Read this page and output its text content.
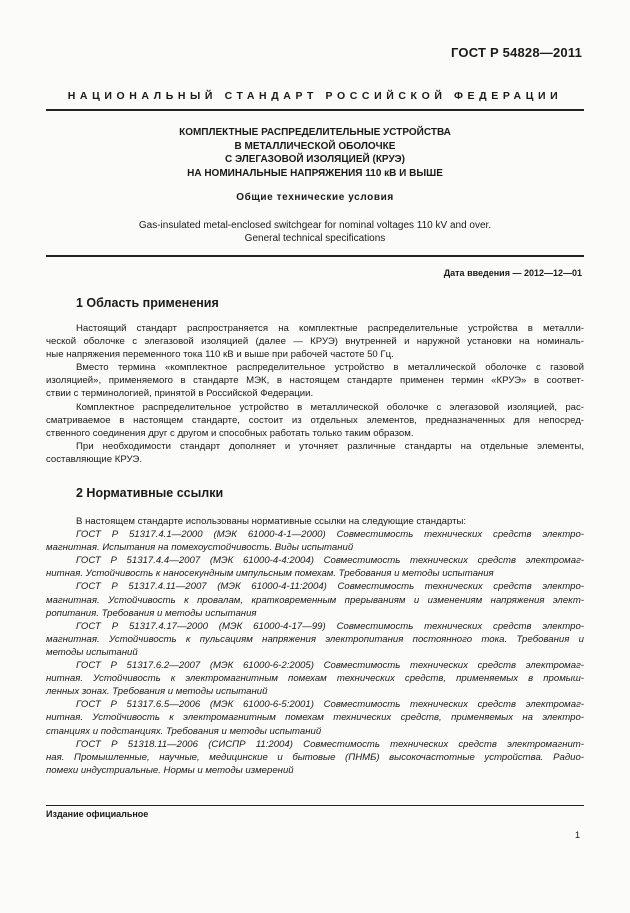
ГОСТ Р 54828—2011
НАЦИОНАЛЬНЫЙ СТАНДАРТ РОССИЙСКОЙ ФЕДЕРАЦИИ
КОМПЛЕКТНЫЕ РАСПРЕДЕЛИТЕЛЬНЫЕ УСТРОЙСТВА
В МЕТАЛЛИЧЕСКОЙ ОБОЛОЧКЕ
С ЭЛЕГАЗОВОЙ ИЗОЛЯЦИЕЙ (КРУЭ)
НА НОМИНАЛЬНЫЕ НАПРЯЖЕНИЯ 110 кВ И ВЫШЕ
Общие технические условия
Gas-insulated metal-enclosed switchgear for nominal voltages 110 kV and over.
General technical specifications
Дата введения — 2012—12—01
1 Область применения
Настоящий стандарт распространяется на комплектные распределительные устройства в металли-
ческой оболочке с элегазовой изоляцией (далее — КРУЭ) внутренней и наружной установки на номиналь-
ные напряжения переменного тока 110 кВ и выше при рабочей частоте 50 Гц.
Вместо термина «комплектное распределительное устройство в металлической оболочке с газовой
изоляцией», применяемого в стандарте МЭК, в настоящем стандарте применен термин «КРУЭ» в соответ-
ствии с терминологией, принятой в Российской Федерации.
Комплектное распределительное устройство в металлической оболочке с элегазовой изоляцией, рас-
сматриваемое в настоящем стандарте, состоит из отдельных элементов, предназначенных для непосред-
ственного соединения друг с другом и способных работать только таким образом.
При необходимости стандарт дополняет и уточняет различные стандарты на отдельные элементы,
составляющие КРУЭ.
2 Нормативные ссылки
В настоящем стандарте использованы нормативные ссылки на следующие стандарты:
ГОСТ Р 51317.4.1—2000 (МЭК 61000-4-1—2000) Совместимость технических средств электро-
магнитная. Испытания на помехоустойчивость. Виды испытаний
ГОСТ Р 51317.4.4—2007 (МЭК 61000-4-4:2004) Совместимость технических средств электромаг-
нитная. Устойчивость к наносекундным импульсным помехам. Требования и методы испытания
ГОСТ Р 51317.4.11—2007 (МЭК 61000-4-11:2004) Совместимость технических средств электро-
магнитная. Устойчивость к провалам, кратковременным прерываниям и изменениям напряжения элект-
ропитания. Требования и методы испытания
ГОСТ Р 51317.4.17—2000 (МЭК 61000-4-17—99) Совместимость технических средств электро-
магнитная. Устойчивость к пульсациям напряжения электропитания постоянного тока. Требования и
методы испытаний
ГОСТ Р 51317.6.2—2007 (МЭК 61000-6-2:2005) Совместимость технических средств электромаг-
нитная. Устойчивость к электромагнитным помехам технических средств, применяемых в промыш-
ленных зонах. Требования и методы испытаний
ГОСТ Р 51317.6.5—2006 (МЭК 61000-6-5:2001) Совместимость технических средств электромаг-
нитная. Устойчивость к электромагнитным помехам технических средств, применяемых на электро-
станциях и подстанциях. Требования и методы испытаний
ГОСТ Р 51318.11—2006 (СИСПР 11:2004) Совместимость технических средств электромагнит-
ная. Промышленные, научные, медицинские и бытовые (ПНМБ) высокочастотные устройства. Радио-
помехи индустриальные. Нормы и методы измерений
Издание официальное
1
